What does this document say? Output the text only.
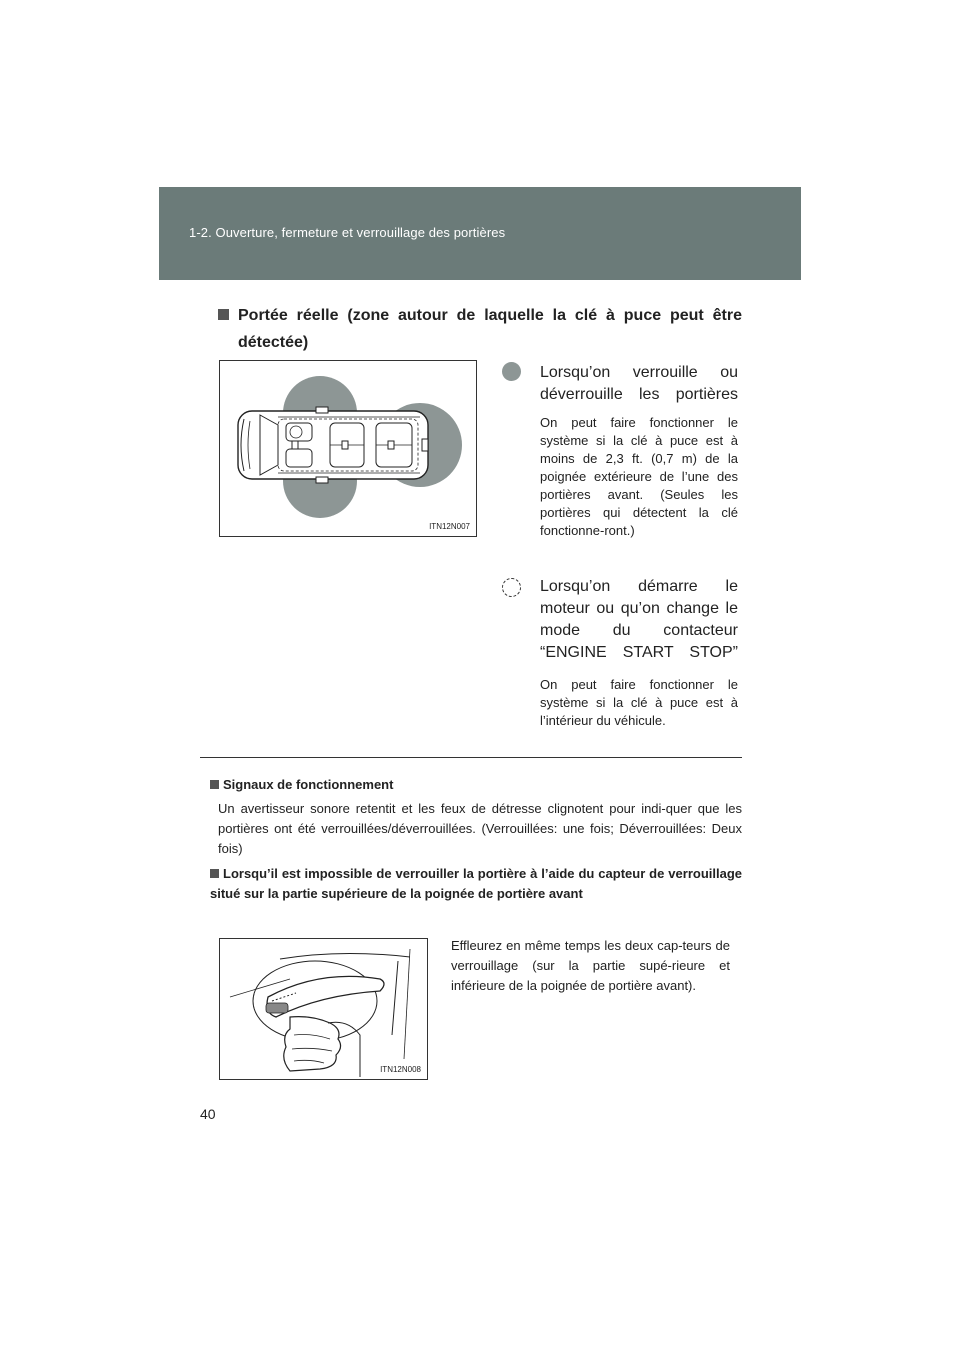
1-2. Ouverture, fermeture et verrouillage des portières
Portée réelle (zone autour de laquelle la clé à puce peut être détectée)
ITN12N007
Lorsqu’on verrouille ou déverrouille les portières
On peut faire fonctionner le système si la clé à puce est à moins de 2,3 ft. (0,7 m) de la poignée extérieure de l’une des portières avant. (Seules les portières qui détectent la clé fonctionne-ront.)
Lorsqu’on démarre le moteur ou qu’on change le mode du contacteur “ENGINE START STOP”
On peut faire fonctionner le système si la clé à puce est à l’intérieur du véhicule.
Signaux de fonctionnement
Un avertisseur sonore retentit et les feux de détresse clignotent pour indi-quer que les portières ont été verrouillées/déverrouillées. (Verrouillées: une fois; Déverrouillées: Deux fois)
Lorsqu’il est impossible de verrouiller la portière à l’aide du capteur de verrouillage situé sur la partie supérieure de la poignée de portière avant
ITN12N008
Effleurez en même temps les deux cap-teurs de verrouillage (sur la partie supé-rieure et inférieure de la poignée de portière avant).
40
